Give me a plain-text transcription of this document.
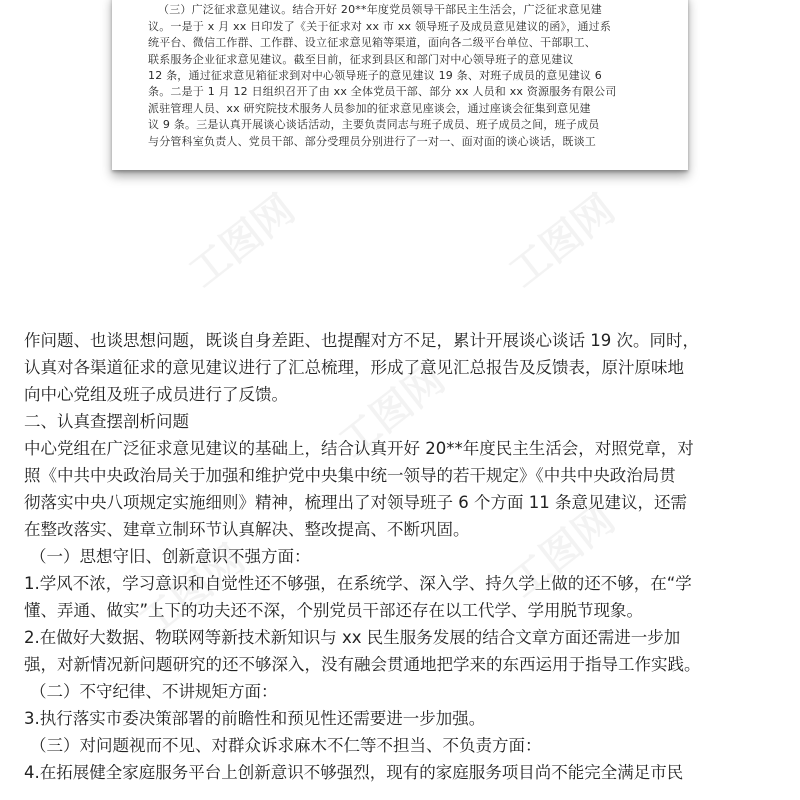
（三）广泛征求意见建议。结合开好 20**年度党员领导干部民主生活会，广泛征求意见建
议。一是于 x 月 xx 日印发了《关于征求对 xx 市 xx 领导班子及成员意见建议的函》，通过系
统平台、微信工作群、工作群、设立征求意见箱等渠道，面向各二级平台单位、干部职工、
联系服务企业征求意见建议。截至目前，征求到县区和部门对中心领导班子的意见建议
12 条，通过征求意见箱征求到对中心领导班子的意见建议 19 条、对班子成员的意见建议 6
条。二是于 1 月 12 日组织召开了由 xx 全体党员干部、部分 xx 人员和 xx 资源服务有限公司
派驻管理人员、xx 研究院技术服务人员参加的征求意见座谈会，通过座谈会征集到意见建
议 9 条。三是认真开展谈心谈话活动，主要负责同志与班子成员、班子成员之间，班子成员
与分管科室负责人、党员干部、部分受理员分别进行了一对一、面对面的谈心谈话，既谈工
作问题、也谈思想问题，既谈自身差距、也提醒对方不足，累计开展谈心谈话 19 次。同时，
认真对各渠道征求的意见建议进行了汇总梳理，形成了意见汇总报告及反馈表，原汁原味地
向中心党组及班子成员进行了反馈。
二、认真查摆剖析问题
中心党组在广泛征求意见建议的基础上，结合认真开好 20**年度民主生活会，对照党章，对
照《中共中央政治局关于加强和维护党中央集中统一领导的若干规定》《中共中央政治局贯
彻落实中央八项规定实施细则》精神，梳理出了对领导班子 6 个方面 11 条意见建议，还需
在整改落实、建章立制环节认真解决、整改提高、不断巩固。
（一）思想守旧、创新意识不强方面：
1.学风不浓，学习意识和自觉性还不够强，在系统学、深入学、持久学上做的还不够，在“学
懂、弄通、做实”上下的功夫还不深，个别党员干部还存在以工代学、学用脱节现象。
2.在做好大数据、物联网等新技术新知识与 xx 民生服务发展的结合文章方面还需进一步加
强，对新情况新问题研究的还不够深入，没有融会贯通地把学来的东西运用于指导工作实践。
（二）不守纪律、不讲规矩方面：
3.执行落实市委决策部署的前瞻性和预见性还需要进一步加强。
（三）对问题视而不见、对群众诉求麻木不仁等不担当、不负责方面：
4.在拓展健全家庭服务平台上创新意识不够强烈，现有的家庭服务项目尚不能完全满足市民
